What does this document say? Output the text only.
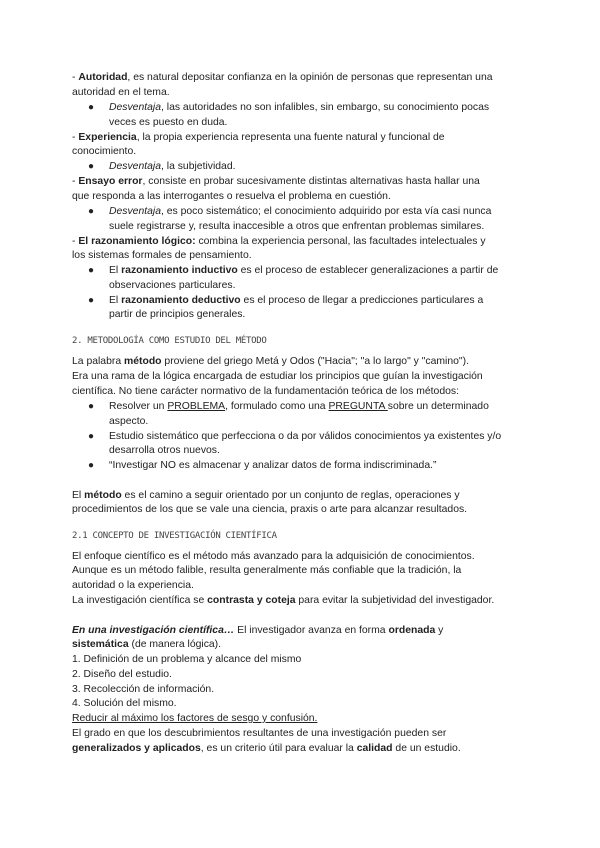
- Autoridad, es natural depositar confianza en la opinión de personas que representan una
autoridad en el tema.
● Desventaja, las autoridades no son infalibles, sin embargo, su conocimiento pocas
veces es puesto en duda.
- Experiencia, la propia experiencia representa una fuente natural y funcional de
conocimiento.
● Desventaja, la subjetividad.
- Ensayo error, consiste en probar sucesivamente distintas alternativas hasta hallar una
que responda a las interrogantes o resuelva el problema en cuestión.
● Desventaja, es poco sistemático; el conocimiento adquirido por esta vía casi nunca
suele registrarse y, resulta inaccesible a otros que enfrentan problemas similares.
- El razonamiento lógico: combina la experiencia personal, las facultades intelectuales y
los sistemas formales de pensamiento.
● El razonamiento inductivo es el proceso de establecer generalizaciones a partir de
observaciones particulares.
● El razonamiento deductivo es el proceso de llegar a predicciones particulares a
partir de principios generales.
2. METODOLOGÍA COMO ESTUDIO DEL MÉTODO
La palabra método proviene del griego Metá y Odos ("Hacia"; "a lo largo" y "camino").
Era una rama de la lógica encargada de estudiar los principios que guían la investigación
científica. No tiene carácter normativo de la fundamentación teórica de los métodos:
● Resolver un PROBLEMA, formulado como una PREGUNTA sobre un determinado
aspecto.
● Estudio sistemático que perfecciona o da por válidos conocimientos ya existentes y/o
desarrolla otros nuevos.
● “Investigar NO es almacenar y analizar datos de forma indiscriminada.”
El método es el camino a seguir orientado por un conjunto de reglas, operaciones y
procedimientos de los que se vale una ciencia, praxis o arte para alcanzar resultados.
2.1 CONCEPTO DE INVESTIGACIÓN CIENTÍFICA
El enfoque científico es el método más avanzado para la adquisición de conocimientos.
Aunque es un método falible, resulta generalmente más confiable que la tradición, la
autoridad o la experiencia.
La investigación científica se contrasta y coteja para evitar la subjetividad del investigador.
En una investigación científica… El investigador avanza en forma ordenada y
sistemática (de manera lógica).
1. Definición de un problema y alcance del mismo
2. Diseño del estudio.
3. Recolección de información.
4. Solución del mismo.
Reducir al máximo los factores de sesgo y confusión.
El grado en que los descubrimientos resultantes de una investigación pueden ser
generalizados y aplicados, es un criterio útil para evaluar la calidad de un estudio.
